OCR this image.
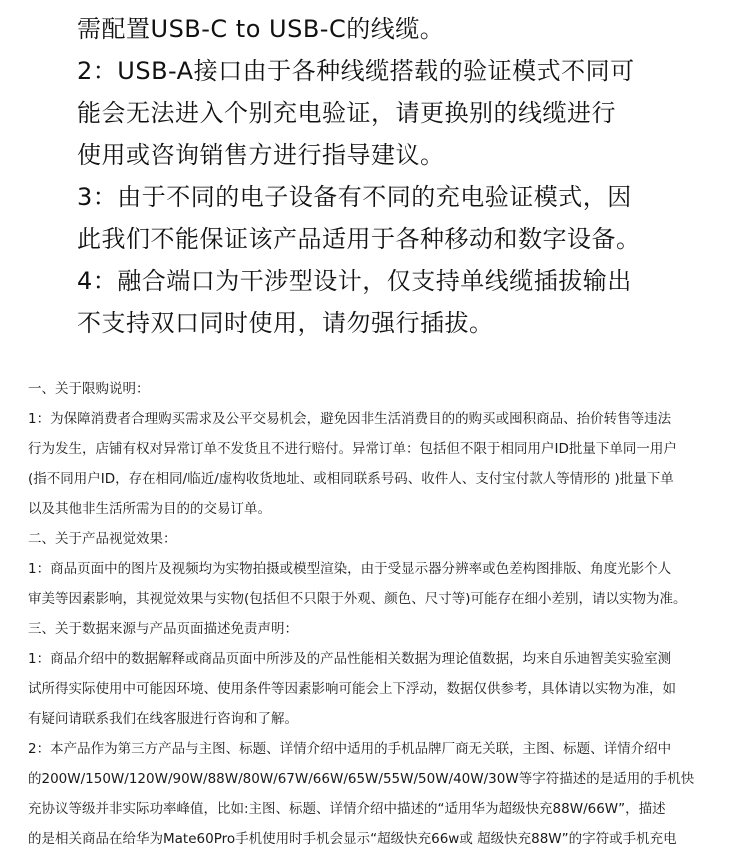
需配置USB-C to USB-C的线缆。
2：USB-A接口由于各种线缆搭载的验证模式不同可
能会无法进入个别充电验证，请更换别的线缆进行
使用或咨询销售方进行指导建议。
3：由于不同的电子设备有不同的充电验证模式，因
此我们不能保证该产品适用于各种移动和数字设备。
4：融合端口为干涉型设计，仅支持单线缆插拔输出
不支持双口同时使用，请勿强行插拔。
一、关于限购说明：
1：为保障消费者合理购买需求及公平交易机会，避免因非生活消费目的的购买或囤积商品、抬价转售等违法
行为发生，店铺有权对异常订单不发货且不进行赔付。异常订单：包括但不限于相同用户ID批量下单同一用户
(指不同用户ID，存在相同/临近/虚构收货地址、或相同联系号码、收件人、支付宝付款人等情形的 )批量下单
以及其他非生活所需为目的的交易订单。
二、关于产品视觉效果：
1：商品页面中的图片及视频均为实物拍摄或模型渲染，由于受显示器分辨率或色差构图排版、角度光影个人
审美等因素影响，其视觉效果与实物(包括但不只限于外观、颜色、尺寸等)可能存在细小差别，请以实物为准。
三、关于数据来源与产品页面描述免责声明：
1：商品介绍中的数据解释或商品页面中所涉及的产品性能相关数据为理论值数据，均来自乐迪智美实验室测
试所得实际使用中可能因环境、使用条件等因素影响可能会上下浮动，数据仅供参考，具体请以实物为准，如
有疑问请联系我们在线客服进行咨询和了解。
2：本产品作为第三方产品与主图、标题、详情介绍中适用的手机品牌厂商无关联，主图、标题、详情介绍中
的200W/150W/120W/90W/88W/80W/67W/66W/65W/55W/50W/40W/30W等字符描述的是适用的手机快
充协议等级并非实际功率峰值，比如:主图、标题、详情介绍中描述的“适用华为超级快充88W/66W”，描述
的是相关商品在给华为Mate60Pro手机使用时手机会显示“超级快充66w或 超级快充88W”的字符或手机充电
